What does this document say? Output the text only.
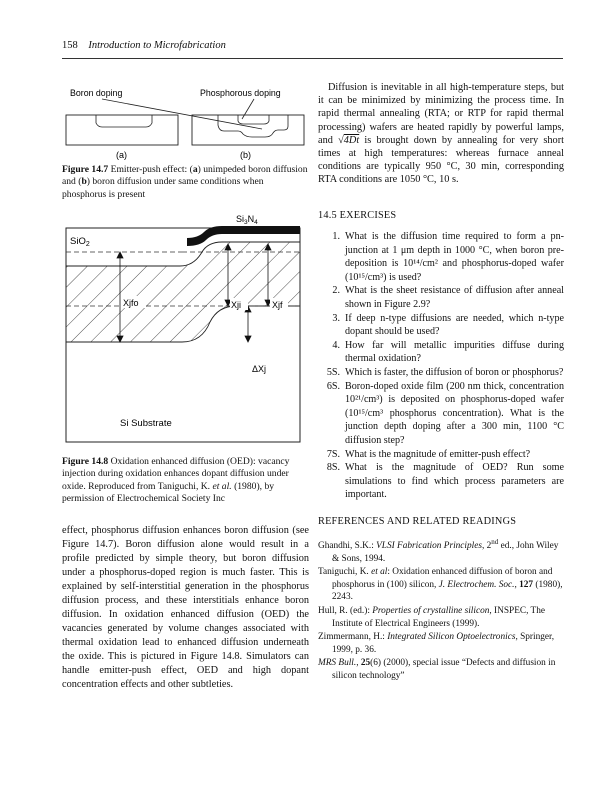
158 Introduction to Microfabrication
Boron doping	Phosphorous doping
(a)	(b)
Figure 14.7 Emitter-push effect: (a) unimpeded boron diffusion and (b) boron diffusion under same conditions when phosphorus is present
SiO$_2$
$Si_3N_4$
Xjfo	Xji	Xjf
ΔXj
Si Substrate
Figure 14.8 Oxidation enhanced diffusion (OED): vacancy injection during oxidation enhances dopant diffusion under oxide. Reproduced from Taniguchi, K. et al. (1980), by permission of Electrochemical Society Inc
effect, phosphorus diffusion enhances boron diffusion (see Figure 14.7). Boron diffusion alone would result in a profile predicted by simple theory, but boron diffusion under a phosphorus-doped region is much faster. This is explained by self-interstitial generation in the phosphorus diffusion process, and these interstitials enhance boron diffusion. In oxidation enhanced diffusion (OED) the vacancies generated by volume changes associated with thermal oxidation lead to enhanced diffusion underneath the oxide. This is pictured in Figure 14.8. Simulators can handle emitter-push effect, OED and high dopant concentration effects and other subtleties.
Diffusion is inevitable in all high-temperature steps, but it can be minimized by minimizing the process time. In rapid thermal annealing (RTA; or RTP for rapid thermal processing) wafers are heated rapidly by powerful lamps, and √4Dt is brought down by annealing for very short times at high temperatures: whereas furnace anneal conditions are typically 950 °C, 30 min, corresponding RTA conditions are 1050 °C, 10 s.
14.5 EXERCISES
1. What is the diffusion time required to form a pn-junction at 1 μm depth in 1000 °C, when boron pre-deposition is 10¹⁴/cm² and phosphorus-doped wafer (10¹⁵/cm³) is used?
2. What is the sheet resistance of diffusion after anneal shown in Figure 2.9?
3. If deep n-type diffusions are needed, which n-type dopant should be used?
4. How far will metallic impurities diffuse during thermal oxidation?
5S. Which is faster, the diffusion of boron or phosphorus?
6S. Boron-doped oxide film (200 nm thick, concentration 10²¹/cm³) is deposited on phosphorus-doped wafer (10¹⁵/cm³ phosphorus concentration). What is the junction depth doping after a 300 min, 1100 °C diffusion step?
7S. What is the magnitude of emitter-push effect?
8S. What is the magnitude of OED? Run some simulations to find which process parameters are important.
REFERENCES AND RELATED READINGS
Ghandhi, S.K.: VLSI Fabrication Principles, 2nd ed., John Wiley & Sons, 1994.
Taniguchi, K. et al: Oxidation enhanced diffusion of boron and phosphorus in (100) silicon, J. Electrochem. Soc., 127 (1980), 2243.
Hull, R. (ed.): Properties of crystalline silicon, INSPEC, The Institute of Electrical Engineers (1999).
Zimmermann, H.: Integrated Silicon Optoelectronics, Springer, 1999, p. 36.
MRS Bull., 25(6) (2000), special issue “Defects and diffusion in silicon technology”
